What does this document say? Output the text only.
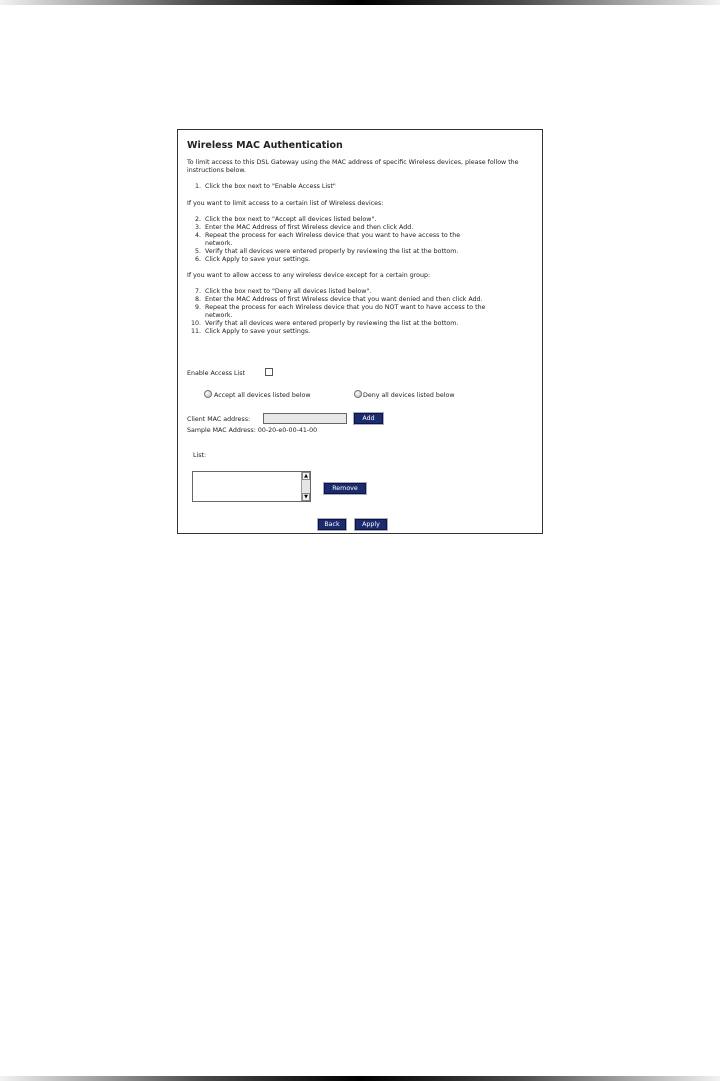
Wireless MAC Authentication
To limit access to this DSL Gateway using the MAC address of specific Wireless devices, please follow the instructions below.
1. Click the box next to "Enable Access List"
If you want to limit access to a certain list of Wireless devices:
2. Click the box next to "Accept all devices listed below".
3. Enter the MAC Address of first Wireless device and then click Add.
4. Repeat the process for each Wireless device that you want to have access to the
network.
5. Verify that all devices were entered properly by reviewing the list at the bottom.
6. Click Apply to save your settings.
If you want to allow access to any wireless device except for a certain group:
7. Click the box next to "Deny all devices listed below".
8. Enter the MAC Address of first Wireless device that you want denied and then click Add.
9. Repeat the process for each Wireless device that you do NOT want to have access to the
network.
10. Verify that all devices were entered properly by reviewing the list at the bottom.
11. Click Apply to save your settings.
Enable Access List
Accept all devices listed below	Deny all devices listed below
Client MAC address:	Add
Sample MAC Address: 00-20-e0-00-41-00
List:
▲
▼
Remove
Back	Apply
